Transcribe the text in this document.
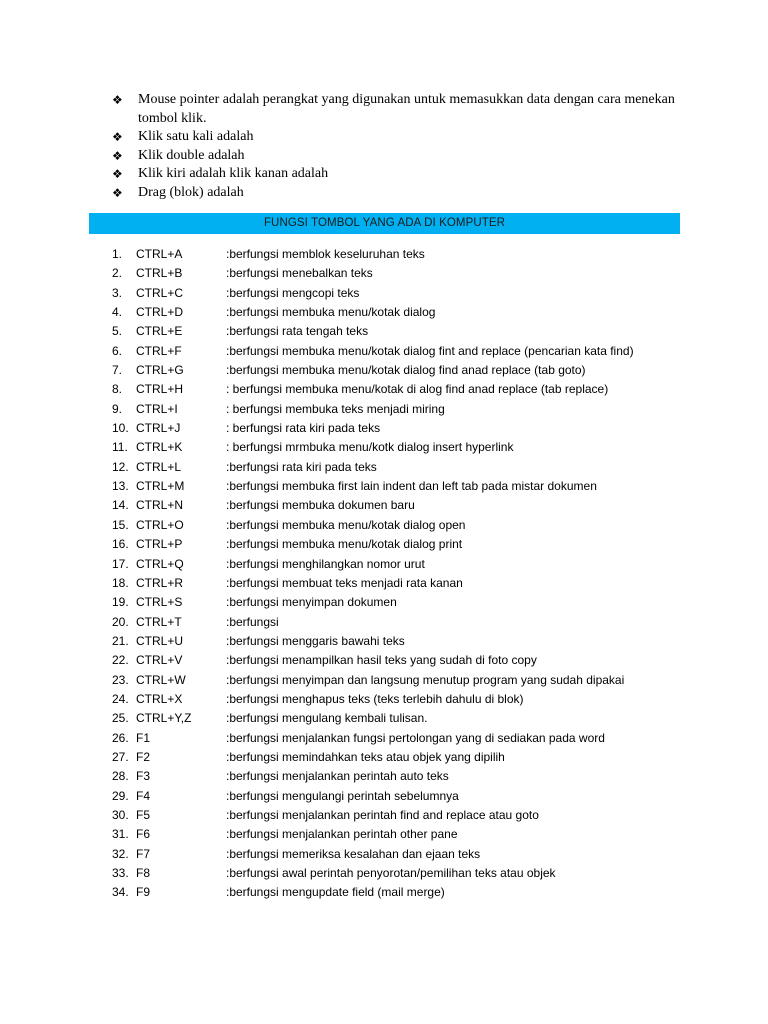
❖	Mouse pointer adalah perangkat yang digunakan untuk memasukkan data dengan cara menekan tombol klik.
❖	Klik satu kali adalah
❖	Klik double adalah
❖	Klik kiri adalah klik kanan adalah
❖	Drag (blok) adalah
FUNGSI TOMBOL YANG ADA DI KOMPUTER
1. CTRL+A	:berfungsi memblok keseluruhan teks
2. CTRL+B	:berfungsi menebalkan teks
3. CTRL+C	:berfungsi mengcopi teks
4. CTRL+D	:berfungsi membuka menu/kotak dialog
5. CTRL+E	:berfungsi rata tengah teks
6. CTRL+F	:berfungsi membuka menu/kotak dialog fint and replace (pencarian kata find)
7. CTRL+G	:berfungsi membuka menu/kotak dialog find anad replace (tab goto)
8. CTRL+H	: berfungsi membuka menu/kotak di alog find anad replace (tab replace)
9. CTRL+I	: berfungsi membuka teks menjadi miring
10. CTRL+J	: berfungsi rata kiri pada teks
11. CTRL+K	: berfungsi mrmbuka menu/kotk dialog insert hyperlink
12. CTRL+L	:berfungsi rata kiri pada teks
13. CTRL+M	:berfungsi membuka first lain indent dan left tab pada mistar dokumen
14. CTRL+N	:berfungsi membuka dokumen baru
15. CTRL+O	:berfungsi membuka menu/kotak dialog open
16. CTRL+P	:berfungsi membuka menu/kotak dialog print
17. CTRL+Q	:berfungsi menghilangkan nomor urut
18. CTRL+R	:berfungsi membuat teks menjadi rata kanan
19. CTRL+S	:berfungsi menyimpan dokumen
20. CTRL+T	:berfungsi
21. CTRL+U	:berfungsi menggaris bawahi teks
22. CTRL+V	:berfungsi menampilkan hasil teks yang sudah di foto copy
23. CTRL+W	:berfungsi menyimpan dan langsung menutup program yang sudah dipakai
24. CTRL+X	:berfungsi menghapus teks (teks terlebih dahulu di blok)
25. CTRL+Y,Z	:berfungsi mengulang kembali tulisan.
26. F1	:berfungsi menjalankan fungsi pertolongan yang di sediakan pada word
27. F2	:berfungsi memindahkan teks atau objek yang dipilih
28. F3	:berfungsi menjalankan perintah auto teks
29. F4	:berfungsi mengulangi perintah sebelumnya
30. F5	:berfungsi menjalankan perintah find and replace atau goto
31. F6	:berfungsi menjalankan perintah other pane
32. F7	:berfungsi memeriksa kesalahan dan ejaan teks
33. F8	:berfungsi awal perintah penyorotan/pemilihan teks atau objek
34. F9	:berfungsi mengupdate field (mail merge)
